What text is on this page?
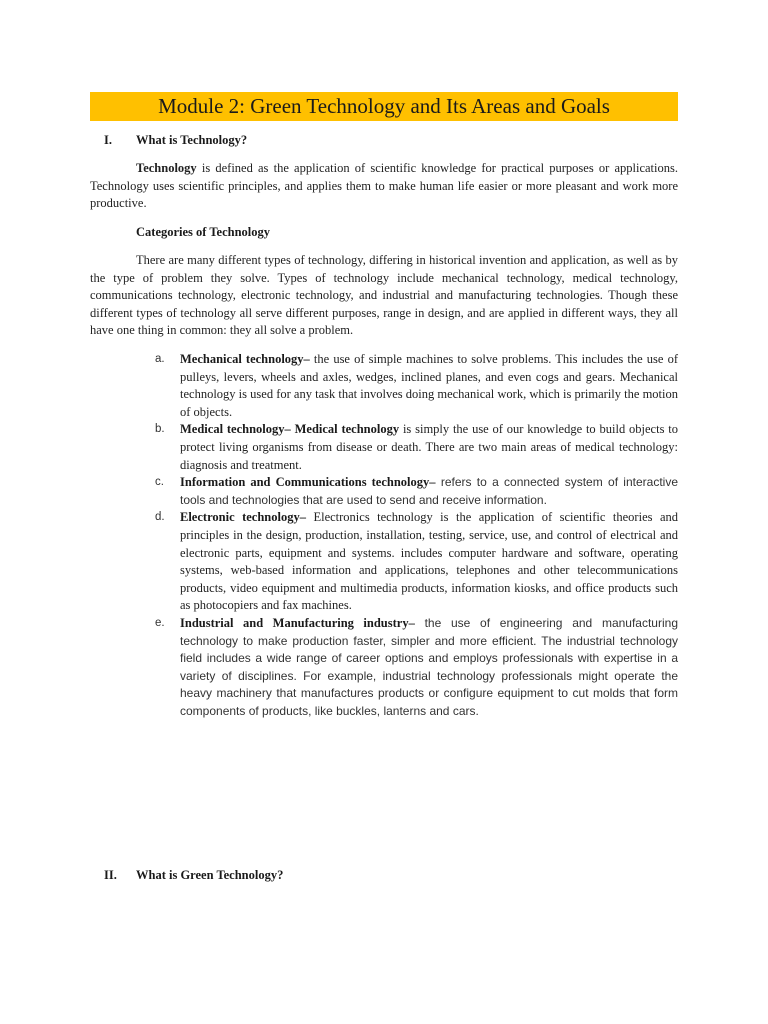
Module 2: Green Technology and Its Areas and Goals
I.	What is Technology?

Technology is defined as the application of scientific knowledge for practical purposes or applications. Technology uses scientific principles, and applies them to make human life easier or more pleasant and work more productive.

Categories of Technology

There are many different types of technology, differing in historical invention and application, as well as by the type of problem they solve. Types of technology include mechanical technology, medical technology, communications technology, electronic technology, and industrial and manufacturing technologies. Though these different types of technology all serve different purposes, range in design, and are applied in different ways, they all have one thing in common: they all solve a problem.

a.	Mechanical technology– the use of simple machines to solve problems. This includes the use of pulleys, levers, wheels and axles, wedges, inclined planes, and even cogs and gears. Mechanical technology is used for any task that involves doing mechanical work, which is primarily the motion of objects.
b.	Medical technology– Medical technology is simply the use of our knowledge to build objects to protect living organisms from disease or death. There are two main areas of medical technology: diagnosis and treatment.
c.	Information and Communications technology– refers to a connected system of interactive tools and technologies that are used to send and receive information.
d.	Electronic technology– Electronics technology is the application of scientific theories and principles in the design, production, installation, testing, service, use, and control of electrical and electronic parts, equipment and systems. includes computer hardware and software, operating systems, web-based information and applications, telephones and other telecommunications products, video equipment and multimedia products, information kiosks, and office products such as photocopiers and fax machines.
e.	Industrial and Manufacturing industry– the use of engineering and manufacturing technology to make production faster, simpler and more efficient. The industrial technology field includes a wide range of career options and employs professionals with expertise in a variety of disciplines. For example, industrial technology professionals might operate the heavy machinery that manufactures products or configure equipment to cut molds that form components of products, like buckles, lanterns and cars.
II.	What is Green Technology?
